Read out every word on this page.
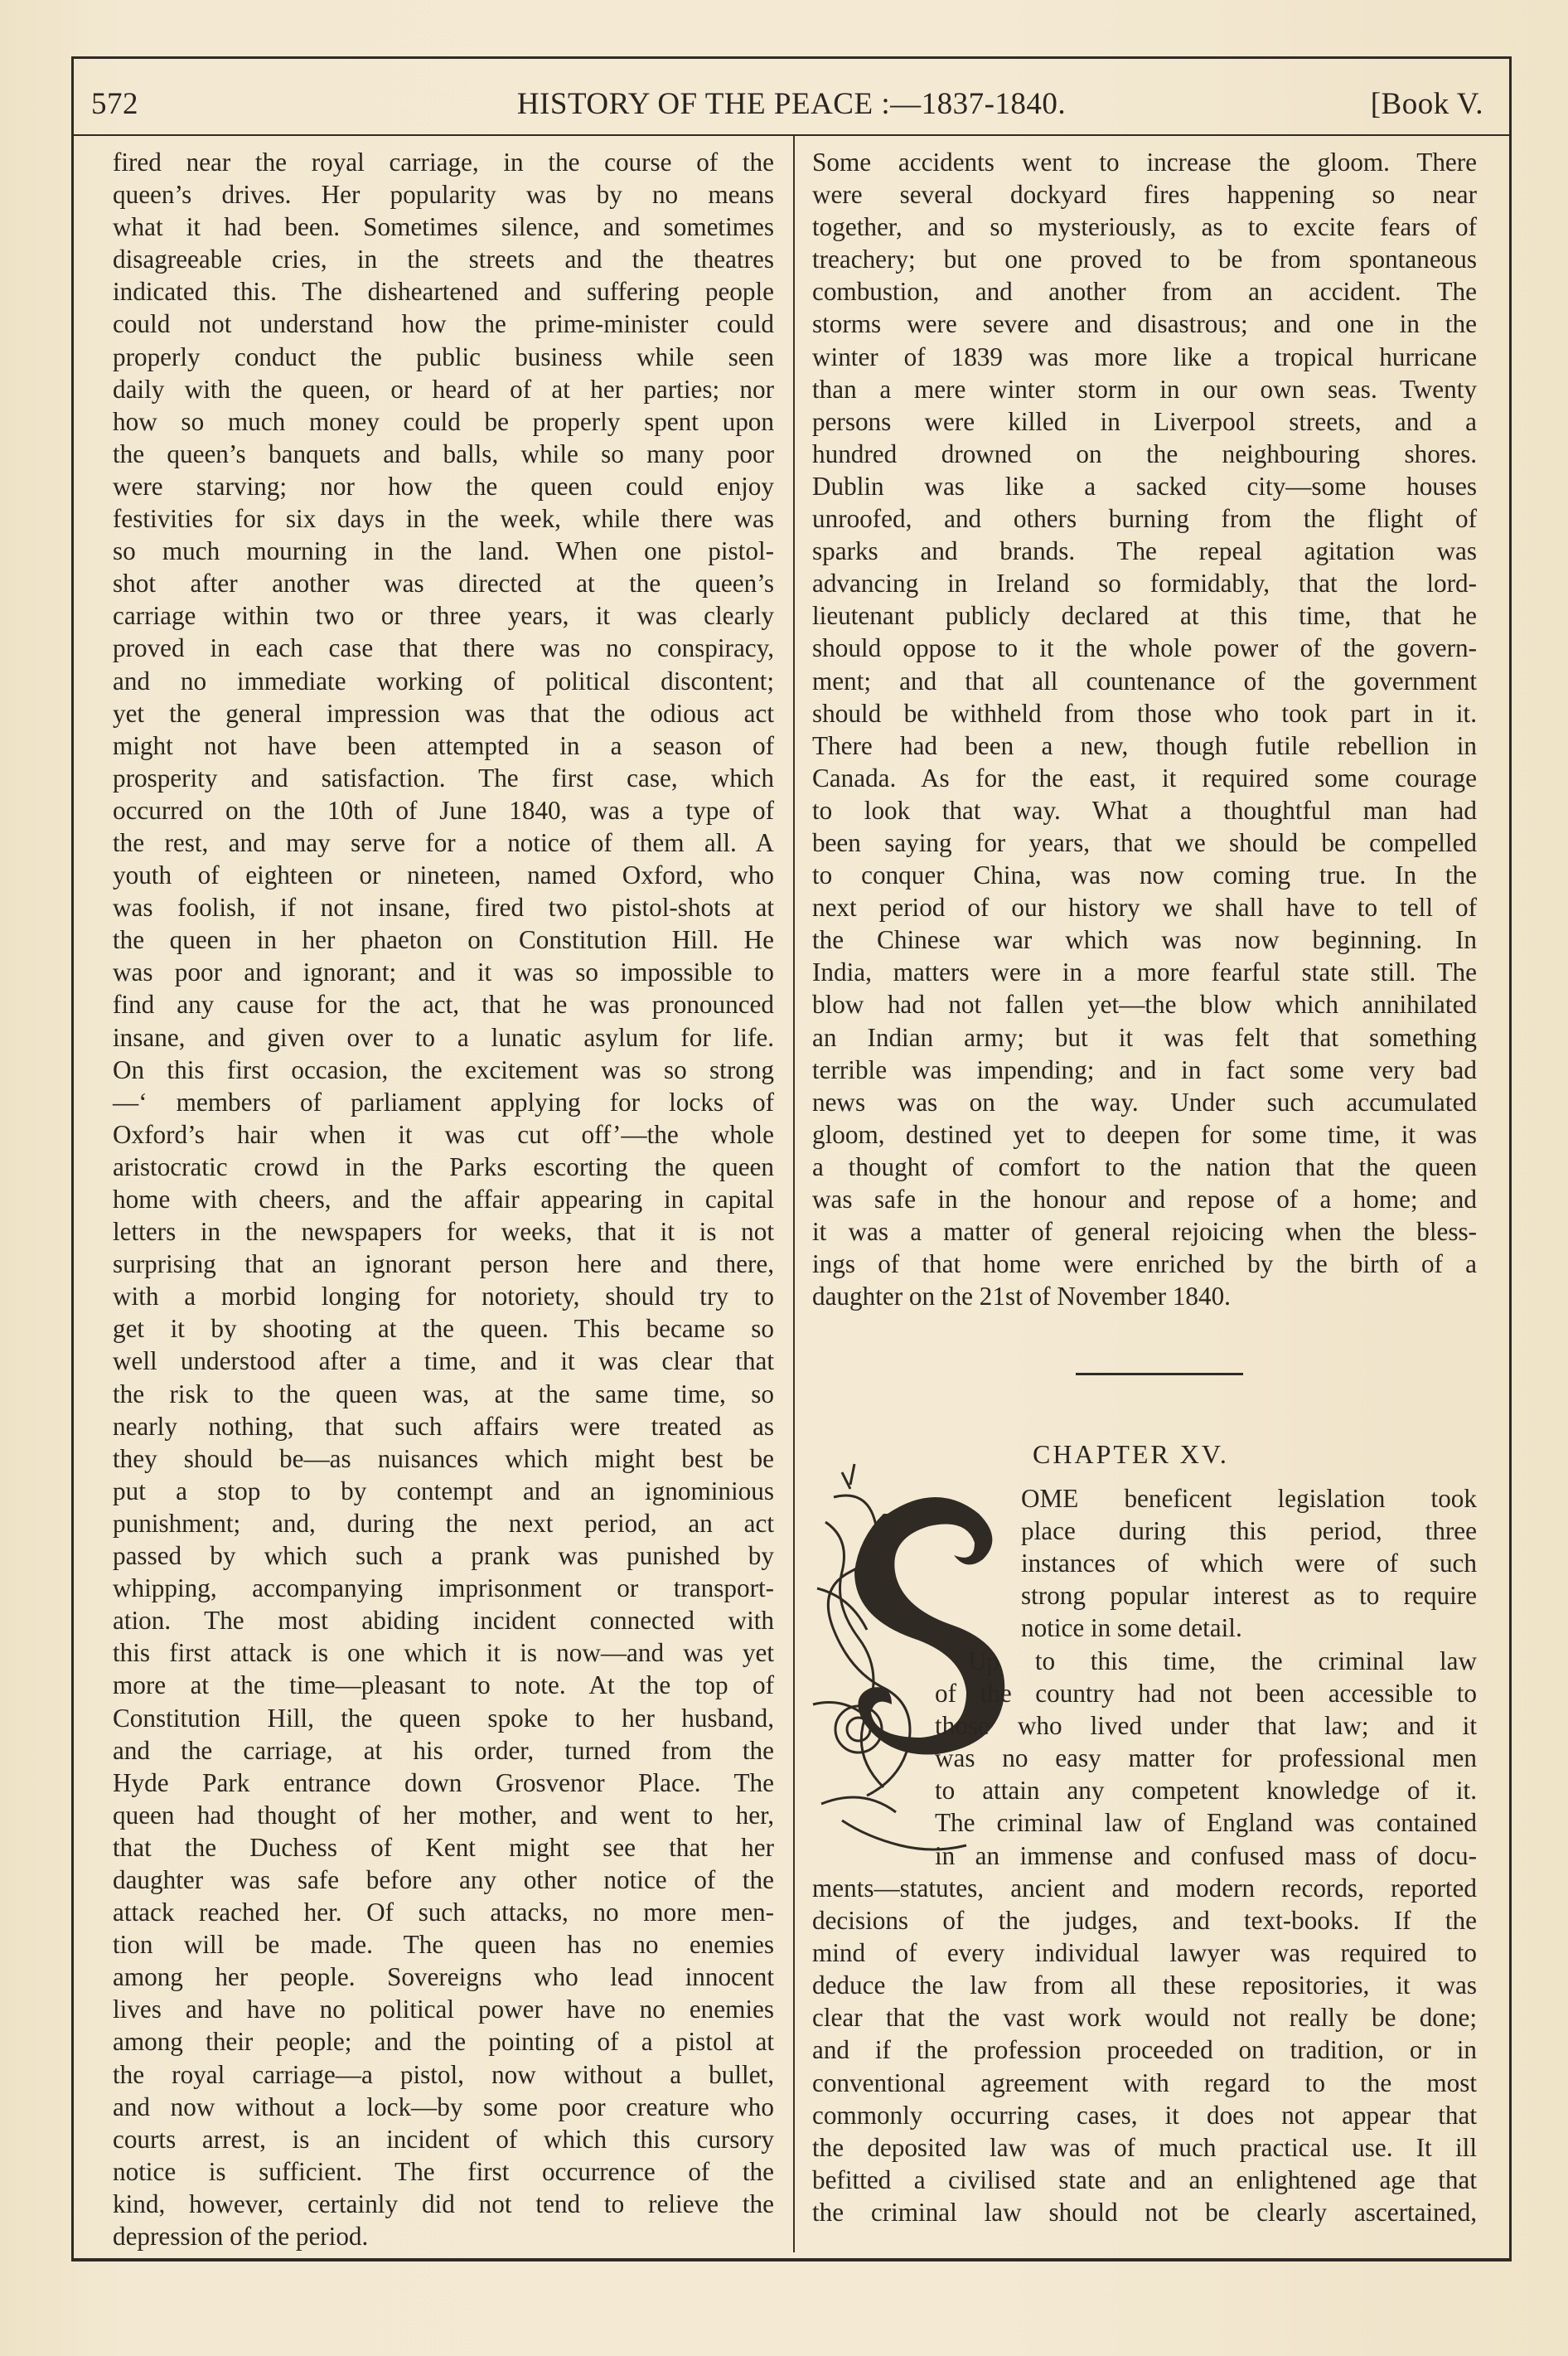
572	HISTORY OF THE PEACE :—1837-1840.	[Book V.
fired near the royal carriage, in the course of the
queen’s drives. Her popularity was by no means
what it had been. Sometimes silence, and sometimes
disagreeable cries, in the streets and the theatres
indicated this. The disheartened and suffering people
could not understand how the prime-minister could
properly conduct the public business while seen
daily with the queen, or heard of at her parties; nor
how so much money could be properly spent upon
the queen’s banquets and balls, while so many poor
were starving; nor how the queen could enjoy
festivities for six days in the week, while there was
so much mourning in the land. When one pistol-
shot after another was directed at the queen’s
carriage within two or three years, it was clearly
proved in each case that there was no conspiracy,
and no immediate working of political discontent;
yet the general impression was that the odious act
might not have been attempted in a season of
prosperity and satisfaction. The first case, which
occurred on the 10th of June 1840, was a type of
the rest, and may serve for a notice of them all. A
youth of eighteen or nineteen, named Oxford, who
was foolish, if not insane, fired two pistol-shots at
the queen in her phaeton on Constitution Hill. He
was poor and ignorant; and it was so impossible to
find any cause for the act, that he was pronounced
insane, and given over to a lunatic asylum for life.
On this first occasion, the excitement was so strong
—‘ members of parliament applying for locks of
Oxford’s hair when it was cut off’—the whole
aristocratic crowd in the Parks escorting the queen
home with cheers, and the affair appearing in capital
letters in the newspapers for weeks, that it is not
surprising that an ignorant person here and there,
with a morbid longing for notoriety, should try to
get it by shooting at the queen. This became so
well understood after a time, and it was clear that
the risk to the queen was, at the same time, so
nearly nothing, that such affairs were treated as
they should be—as nuisances which might best be
put a stop to by contempt and an ignominious
punishment; and, during the next period, an act
passed by which such a prank was punished by
whipping, accompanying imprisonment or transport-
ation. The most abiding incident connected with
this first attack is one which it is now—and was yet
more at the time—pleasant to note. At the top of
Constitution Hill, the queen spoke to her husband,
and the carriage, at his order, turned from the
Hyde Park entrance down Grosvenor Place. The
queen had thought of her mother, and went to her,
that the Duchess of Kent might see that her
daughter was safe before any other notice of the
attack reached her. Of such attacks, no more men-
tion will be made. The queen has no enemies
among her people. Sovereigns who lead innocent
lives and have no political power have no enemies
among their people; and the pointing of a pistol at
the royal carriage—a pistol, now without a bullet,
and now without a lock—by some poor creature who
courts arrest, is an incident of which this cursory
notice is sufficient. The first occurrence of the
kind, however, certainly did not tend to relieve the
depression of the period.
Some accidents went to increase the gloom. There
were several dockyard fires happening so near
together, and so mysteriously, as to excite fears of
treachery; but one proved to be from spontaneous
combustion, and another from an accident. The
storms were severe and disastrous; and one in the
winter of 1839 was more like a tropical hurricane
than a mere winter storm in our own seas. Twenty
persons were killed in Liverpool streets, and a
hundred drowned on the neighbouring shores.
Dublin was like a sacked city—some houses
unroofed, and others burning from the flight of
sparks and brands. The repeal agitation was
advancing in Ireland so formidably, that the lord-
lieutenant publicly declared at this time, that he
should oppose to it the whole power of the govern-
ment; and that all countenance of the government
should be withheld from those who took part in it.
There had been a new, though futile rebellion in
Canada. As for the east, it required some courage
to look that way. What a thoughtful man had
been saying for years, that we should be compelled
to conquer China, was now coming true. In the
next period of our history we shall have to tell of
the Chinese war which was now beginning. In
India, matters were in a more fearful state still. The
blow had not fallen yet—the blow which annihilated
an Indian army; but it was felt that something
terrible was impending; and in fact some very bad
news was on the way. Under such accumulated
gloom, destined yet to deepen for some time, it was
a thought of comfort to the nation that the queen
was safe in the honour and repose of a home; and
it was a matter of general rejoicing when the bless-
ings of that home were enriched by the birth of a
daughter on the 21st of November 1840.
CHAPTER XV.
OME beneficent legislation took
place during this period, three
instances of which were of such
strong popular interest as to require
notice in some detail.
Up to this time, the criminal law
of the country had not been accessible to
those who lived under that law; and it
was no easy matter for professional men
to attain any competent knowledge of it.
The criminal law of England was contained
in an immense and confused mass of docu-
ments—statutes, ancient and modern records, reported
decisions of the judges, and text-books. If the
mind of every individual lawyer was required to
deduce the law from all these repositories, it was
clear that the vast work would not really be done;
and if the profession proceeded on tradition, or in
conventional agreement with regard to the most
commonly occurring cases, it does not appear that
the deposited law was of much practical use. It ill
befitted a civilised state and an enlightened age that
the criminal law should not be clearly ascertained,
